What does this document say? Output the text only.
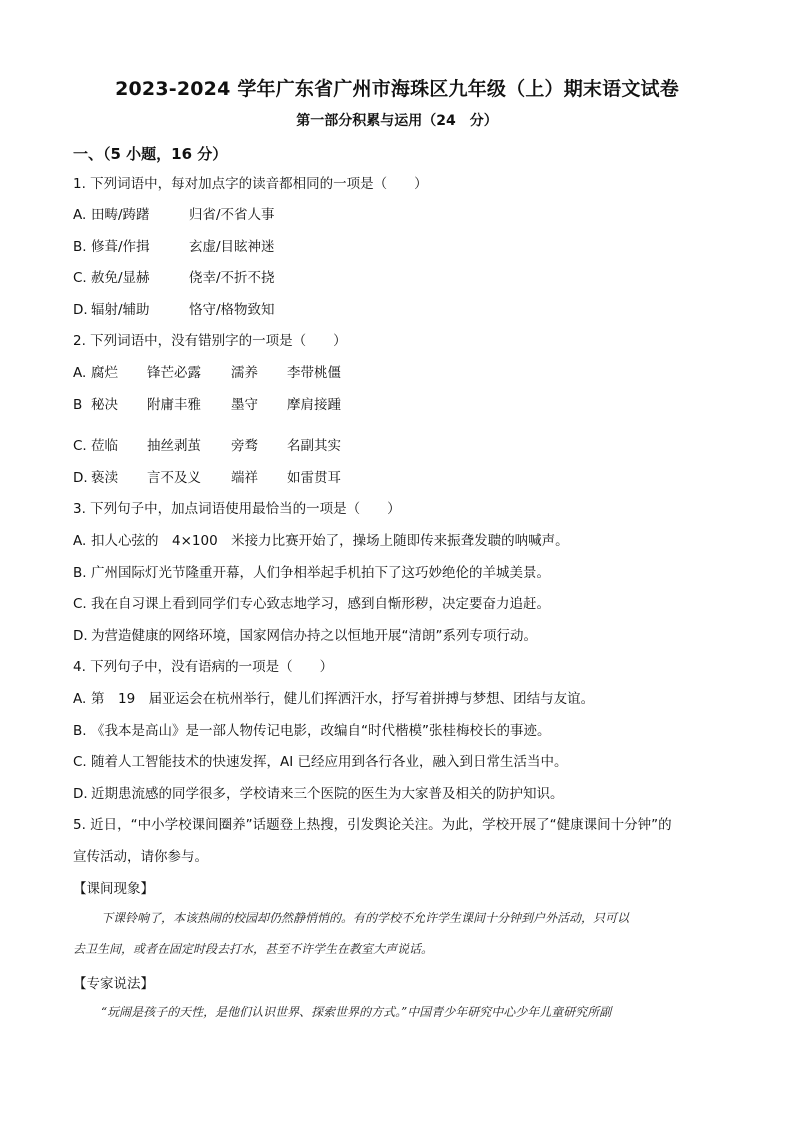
2023-2024 学年广东省广州市海珠区九年级（上）期末语文试卷
第一部分积累与运用（24　分）
一、（5 小题，16 分）
1. 下列词语中，每对加点字的读音都相同的一项是（　　）
A. 田畴/踌躇	归省/不省人事
B. 修葺/作揖	玄虚/目眩神迷
C. 赦免/显赫	侥幸/不折不挠
D. 辐射/辅助	恪守/格物致知
2. 下列词语中，没有错别字的一项是（　　）
A. 腐烂 锋芒必露 濡养 李带桃僵
B 秘决 附庸丰雅 墨守 摩肩接踵
C. 莅临 抽丝剥茧 旁骛 名副其实
D. 亵渎 言不及义 端祥 如雷贯耳
3. 下列句子中，加点词语使用最恰当的一项是（　　）
A. 扣人心弦的　4×100　米接力比赛开始了，操场上随即传来振聋发聩的呐喊声。
B. 广州国际灯光节隆重开幕，人们争相举起手机拍下了这巧妙绝伦的羊城美景。
C. 我在自习课上看到同学们专心致志地学习，感到自惭形秽，决定要奋力追赶。
D. 为营造健康的网络环境，国家网信办持之以恒地开展“清朗”系列专项行动。
4. 下列句子中，没有语病的一项是（　　）
A. 第　19　届亚运会在杭州举行，健儿们挥洒汗水，抒写着拼搏与梦想、团结与友谊。
B. 《我本是高山》是一部人物传记电影，改编自“时代楷模”张桂梅校长的事迹。
C. 随着人工智能技术的快速发挥，AI 已经应用到各行各业，融入到日常生活当中。
D. 近期患流感的同学很多，学校请来三个医院的医生为大家普及相关的防护知识。
5. 近日，“中小学校课间圈养”话题登上热搜，引发舆论关注。为此，学校开展了“健康课间十分钟”的
宣传活动，请你参与。
【课间现象】
下课铃响了，本该热闹的校园却仍然静悄悄的。有的学校不允许学生课间十分钟到户外活动，只可以
去卫生间，或者在固定时段去打水，甚至不许学生在教室大声说话。
【专家说法】
“玩闹是孩子的天性，是他们认识世界、探索世界的方式。”中国青少年研究中心少年儿童研究所副
